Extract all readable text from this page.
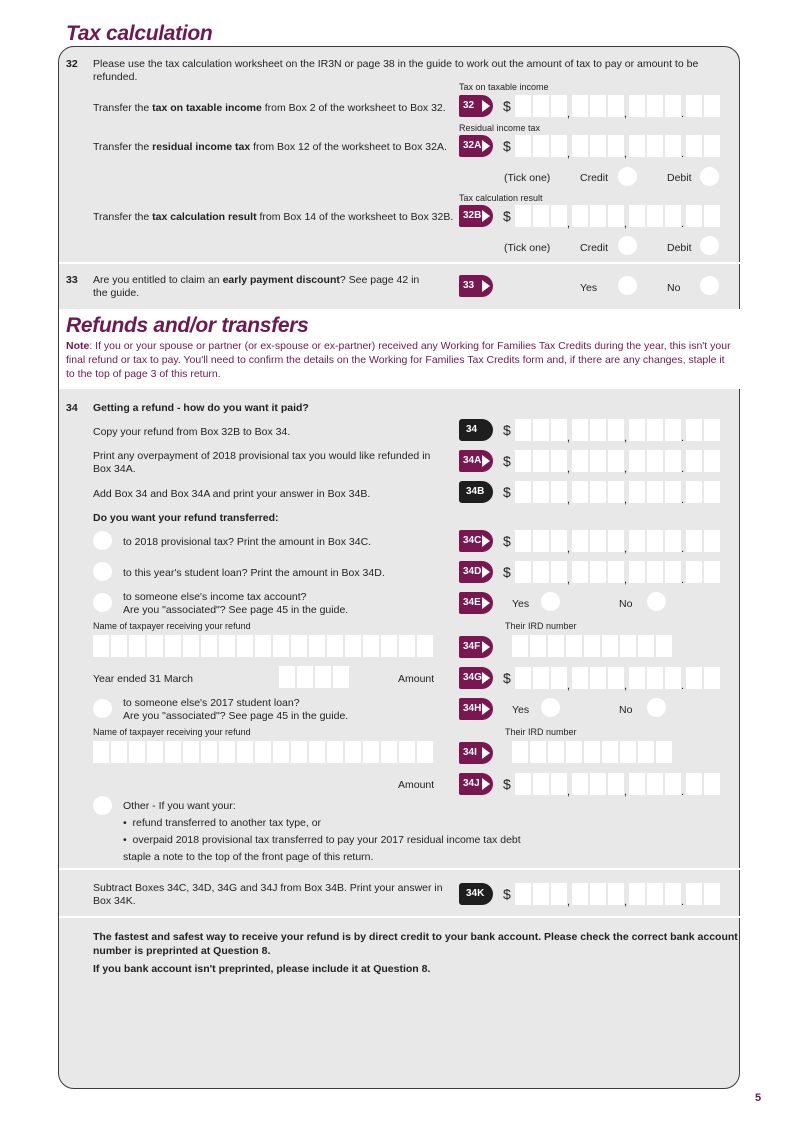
Tax calculation
Refunds and/or transfers
Note: If you or your spouse or partner (or ex-spouse or ex-partner) received any Working for Families Tax Credits during the year, this isn't your
final refund or tax to pay. You'll need to confirm the details on the Working for Families Tax Credits form and, if there are any changes, staple it
to the top of page 3 of this return.
32 Please use the tax calculation worksheet on the IR3N or page 38 in the guide to work out the amount of tax to pay or amount to be
refunded.
Tax on taxable income
Transfer the tax on taxable income from Box 2 of the worksheet to Box 32.	32	$	,	,	.
Residual income tax
Transfer the residual income tax from Box 12 of the worksheet to Box 32A.	32A	$	,	,	.
(Tick one)	Credit	Debit
Tax calculation result
Transfer the tax calculation result from Box 14 of the worksheet to Box 32B. 32B	$	,	,	.
(Tick one)	Credit	Debit
33 Are you entitled to claim an early payment discount? See page 42 in
the guide.
33	Yes	No
34 Getting a refund - how do you want it paid?
Copy your refund from Box 32B to Box 34.	34	$	,	,	.
Print any overpayment of 2018 provisional tax you would like refunded in
Box 34A.
34A	$	,	,	.
Add Box 34 and Box 34A and print your answer in Box 34B.	34B	$	,	,	.
Do you want your refund transferred:
to 2018 provisional tax? Print the amount in Box 34C.	34C	$	,	,	.
to this year's student loan? Print the amount in Box 34D.	34D	$	,	,	.
to someone else's income tax account?
Are you "associated"? See page 45 in the guide.
34E	Yes	No
Name of taxpayer receiving your refund	Their IRD number
34F
Year ended 31 March	Amount	34G	$	,	,	.
to someone else's 2017 student loan?
Are you "associated"? See page 45 in the guide.
34H	Yes	No
Name of taxpayer receiving your refund	Their IRD number
34I
Amount	34J	$	,	,	.
Other - If you want your:
•  refund transferred to another tax type, or
•  overpaid 2018 provisional tax transferred to pay your 2017 residual income tax debt
staple a note to the top of the front page of this return.
Subtract Boxes 34C, 34D, 34G and 34J from Box 34B. Print your answer in
Box 34K.
34K	$	,	,	.
The fastest and safest way to receive your refund is by direct credit to your bank account. Please check the correct bank account
number is preprinted at Question 8.
If you bank account isn't preprinted, please include it at Question 8.
5
